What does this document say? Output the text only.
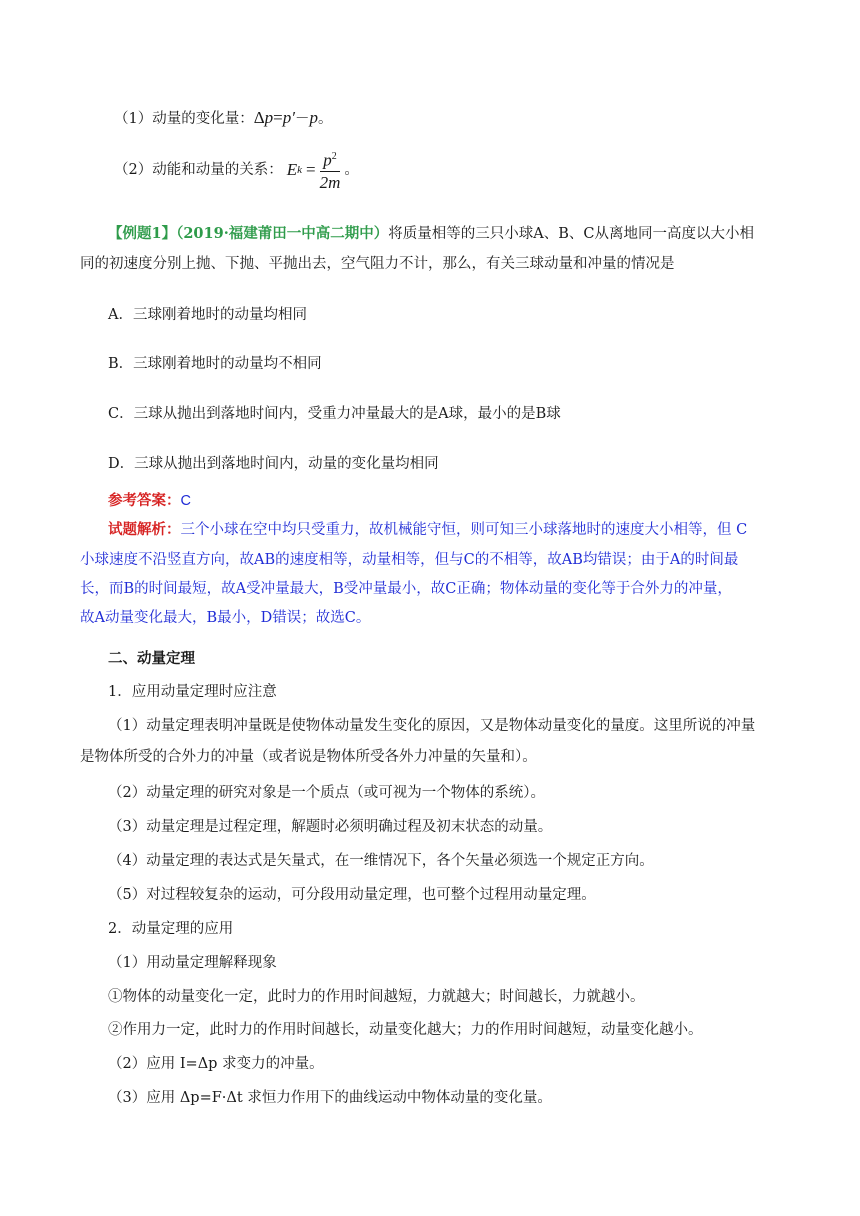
（1）动量的变化量：Δp=p′－p。
（2）动能和动量的关系： E $k = \frac{p^2}{2m}$ 。
【例题1】（2019·福建莆田一中高二期中）将质量相等的三只小球A、B、C从离地同一高度以大小相
同的初速度分别上抛、下抛、平抛出去，空气阻力不计，那么，有关三球动量和冲量的情况是
A．三球刚着地时的动量均相同
B．三球刚着地时的动量均不相同
C．三球从抛出到落地时间内，受重力冲量最大的是A球，最小的是B球
D．三球从抛出到落地时间内，动量的变化量均相同
参考答案：C
试题解析：三个小球在空中均只受重力，故机械能守恒，则可知三小球落地时的速度大小相等，但 C
小球速度不沿竖直方向，故AB的速度相等，动量相等，但与C的不相等，故AB均错误；由于A的时间最
长，而B的时间最短，故A受冲量最大，B受冲量最小，故C正确；物体动量的变化等于合外力的冲量，
故A动量变化最大，B最小，D错误；故选C。
二、动量定理
1．应用动量定理时应注意
（1）动量定理表明冲量既是使物体动量发生变化的原因，又是物体动量变化的量度。这里所说的冲量
是物体所受的合外力的冲量（或者说是物体所受各外力冲量的矢量和）。
（2）动量定理的研究对象是一个质点（或可视为一个物体的系统）。
（3）动量定理是过程定理，解题时必须明确过程及初末状态的动量。
（4）动量定理的表达式是矢量式，在一维情况下，各个矢量必须选一个规定正方向。
（5）对过程较复杂的运动，可分段用动量定理，也可整个过程用动量定理。
2．动量定理的应用
（1）用动量定理解释现象
①物体的动量变化一定，此时力的作用时间越短，力就越大；时间越长，力就越小。
②作用力一定，此时力的作用时间越长，动量变化越大；力的作用时间越短，动量变化越小。
（2）应用 I=Δp 求变力的冲量。
（3）应用 Δp=F·Δt 求恒力作用下的曲线运动中物体动量的变化量。
